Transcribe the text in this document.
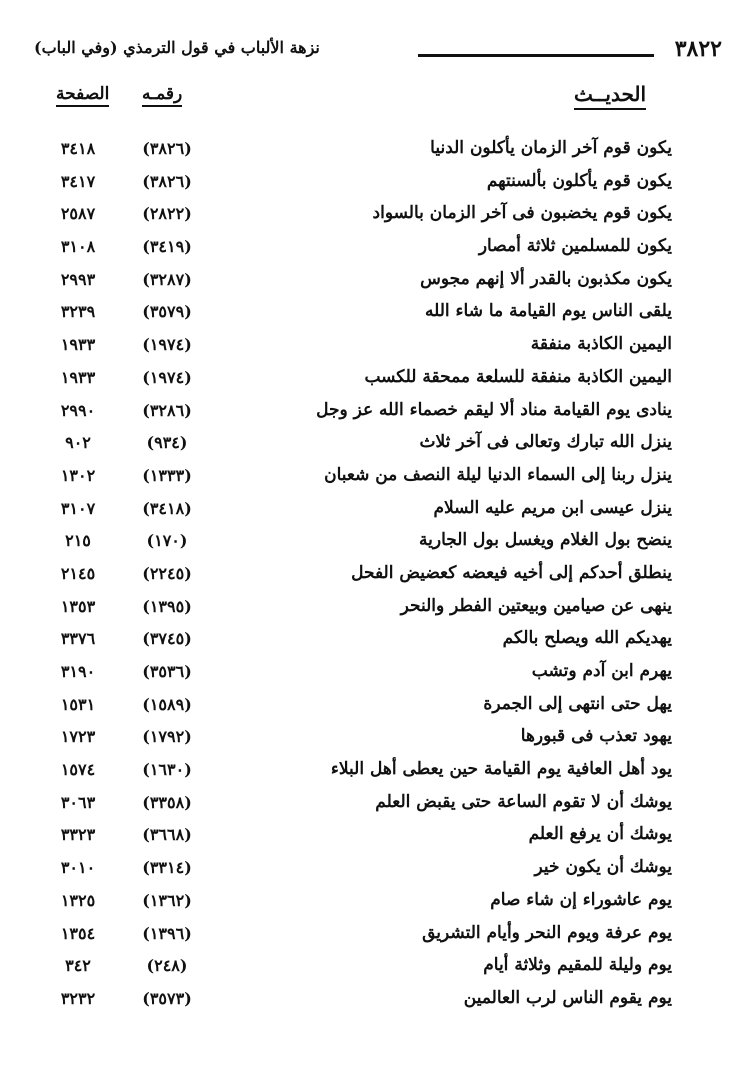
٣٨٢٢
نزهة الألباب في قول الترمذي (وفي الباب)
الحديــث
رقمـه
الصفحة
يكون قوم آخر الزمان يأكلون الدنيا
(٣٨٢٦)
٣٤١٨
يكون قوم يأكلون بألسنتهم
(٣٨٢٦)
٣٤١٧
يكون قوم يخضبون فى آخر الزمان بالسواد
(٢٨٢٢)
٢٥٨٧
يكون للمسلمين ثلاثة أمصار
(٣٤١٩)
٣١٠٨
يكون مكذبون بالقدر ألا إنهم مجوس
(٣٢٨٧)
٢٩٩٣
يلقى الناس يوم القيامة ما شاء الله
(٣٥٧٩)
٣٢٣٩
اليمين الكاذبة منفقة
(١٩٧٤)
١٩٣٣
اليمين الكاذبة منفقة للسلعة ممحقة للكسب
(١٩٧٤)
١٩٣٣
ينادى يوم القيامة مناد ألا ليقم خصماء الله عز وجل
(٣٢٨٦)
٢٩٩٠
ينزل الله تبارك وتعالى فى آخر ثلاث
(٩٣٤)
٩٠٢
ينزل ربنا إلى السماء الدنيا ليلة النصف من شعبان
(١٣٣٣)
١٣٠٢
ينزل عيسى ابن مريم عليه السلام
(٣٤١٨)
٣١٠٧
ينضح بول الغلام ويغسل بول الجارية
(١٧٠)
٢١٥
ينطلق أحدكم إلى أخيه فيعضه كعضيض الفحل
(٢٢٤٥)
٢١٤٥
ينهى عن صيامين وبيعتين الفطر والنحر
(١٣٩٥)
١٣٥٣
يهديكم الله ويصلح بالكم
(٣٧٤٥)
٣٣٧٦
يهرم ابن آدم وتشب
(٣٥٣٦)
٣١٩٠
يهل حتى انتهى إلى الجمرة
(١٥٨٩)
١٥٣١
يهود تعذب فى قبورها
(١٧٩٢)
١٧٢٣
يود أهل العافية يوم القيامة حين يعطى أهل البلاء
(١٦٣٠)
١٥٧٤
يوشك أن لا تقوم الساعة حتى يقبض العلم
(٣٣٥٨)
٣٠٦٣
يوشك أن يرفع العلم
(٣٦٦٨)
٣٣٢٣
يوشك أن يكون خير
(٣٣١٤)
٣٠١٠
يوم عاشوراء إن شاء صام
(١٣٦٢)
١٣٢٥
يوم عرفة ويوم النحر وأيام التشريق
(١٣٩٦)
١٣٥٤
يوم وليلة للمقيم وثلاثة أيام
(٢٤٨)
٣٤٢
يوم يقوم الناس لرب العالمين
(٣٥٧٣)
٣٢٣٢
